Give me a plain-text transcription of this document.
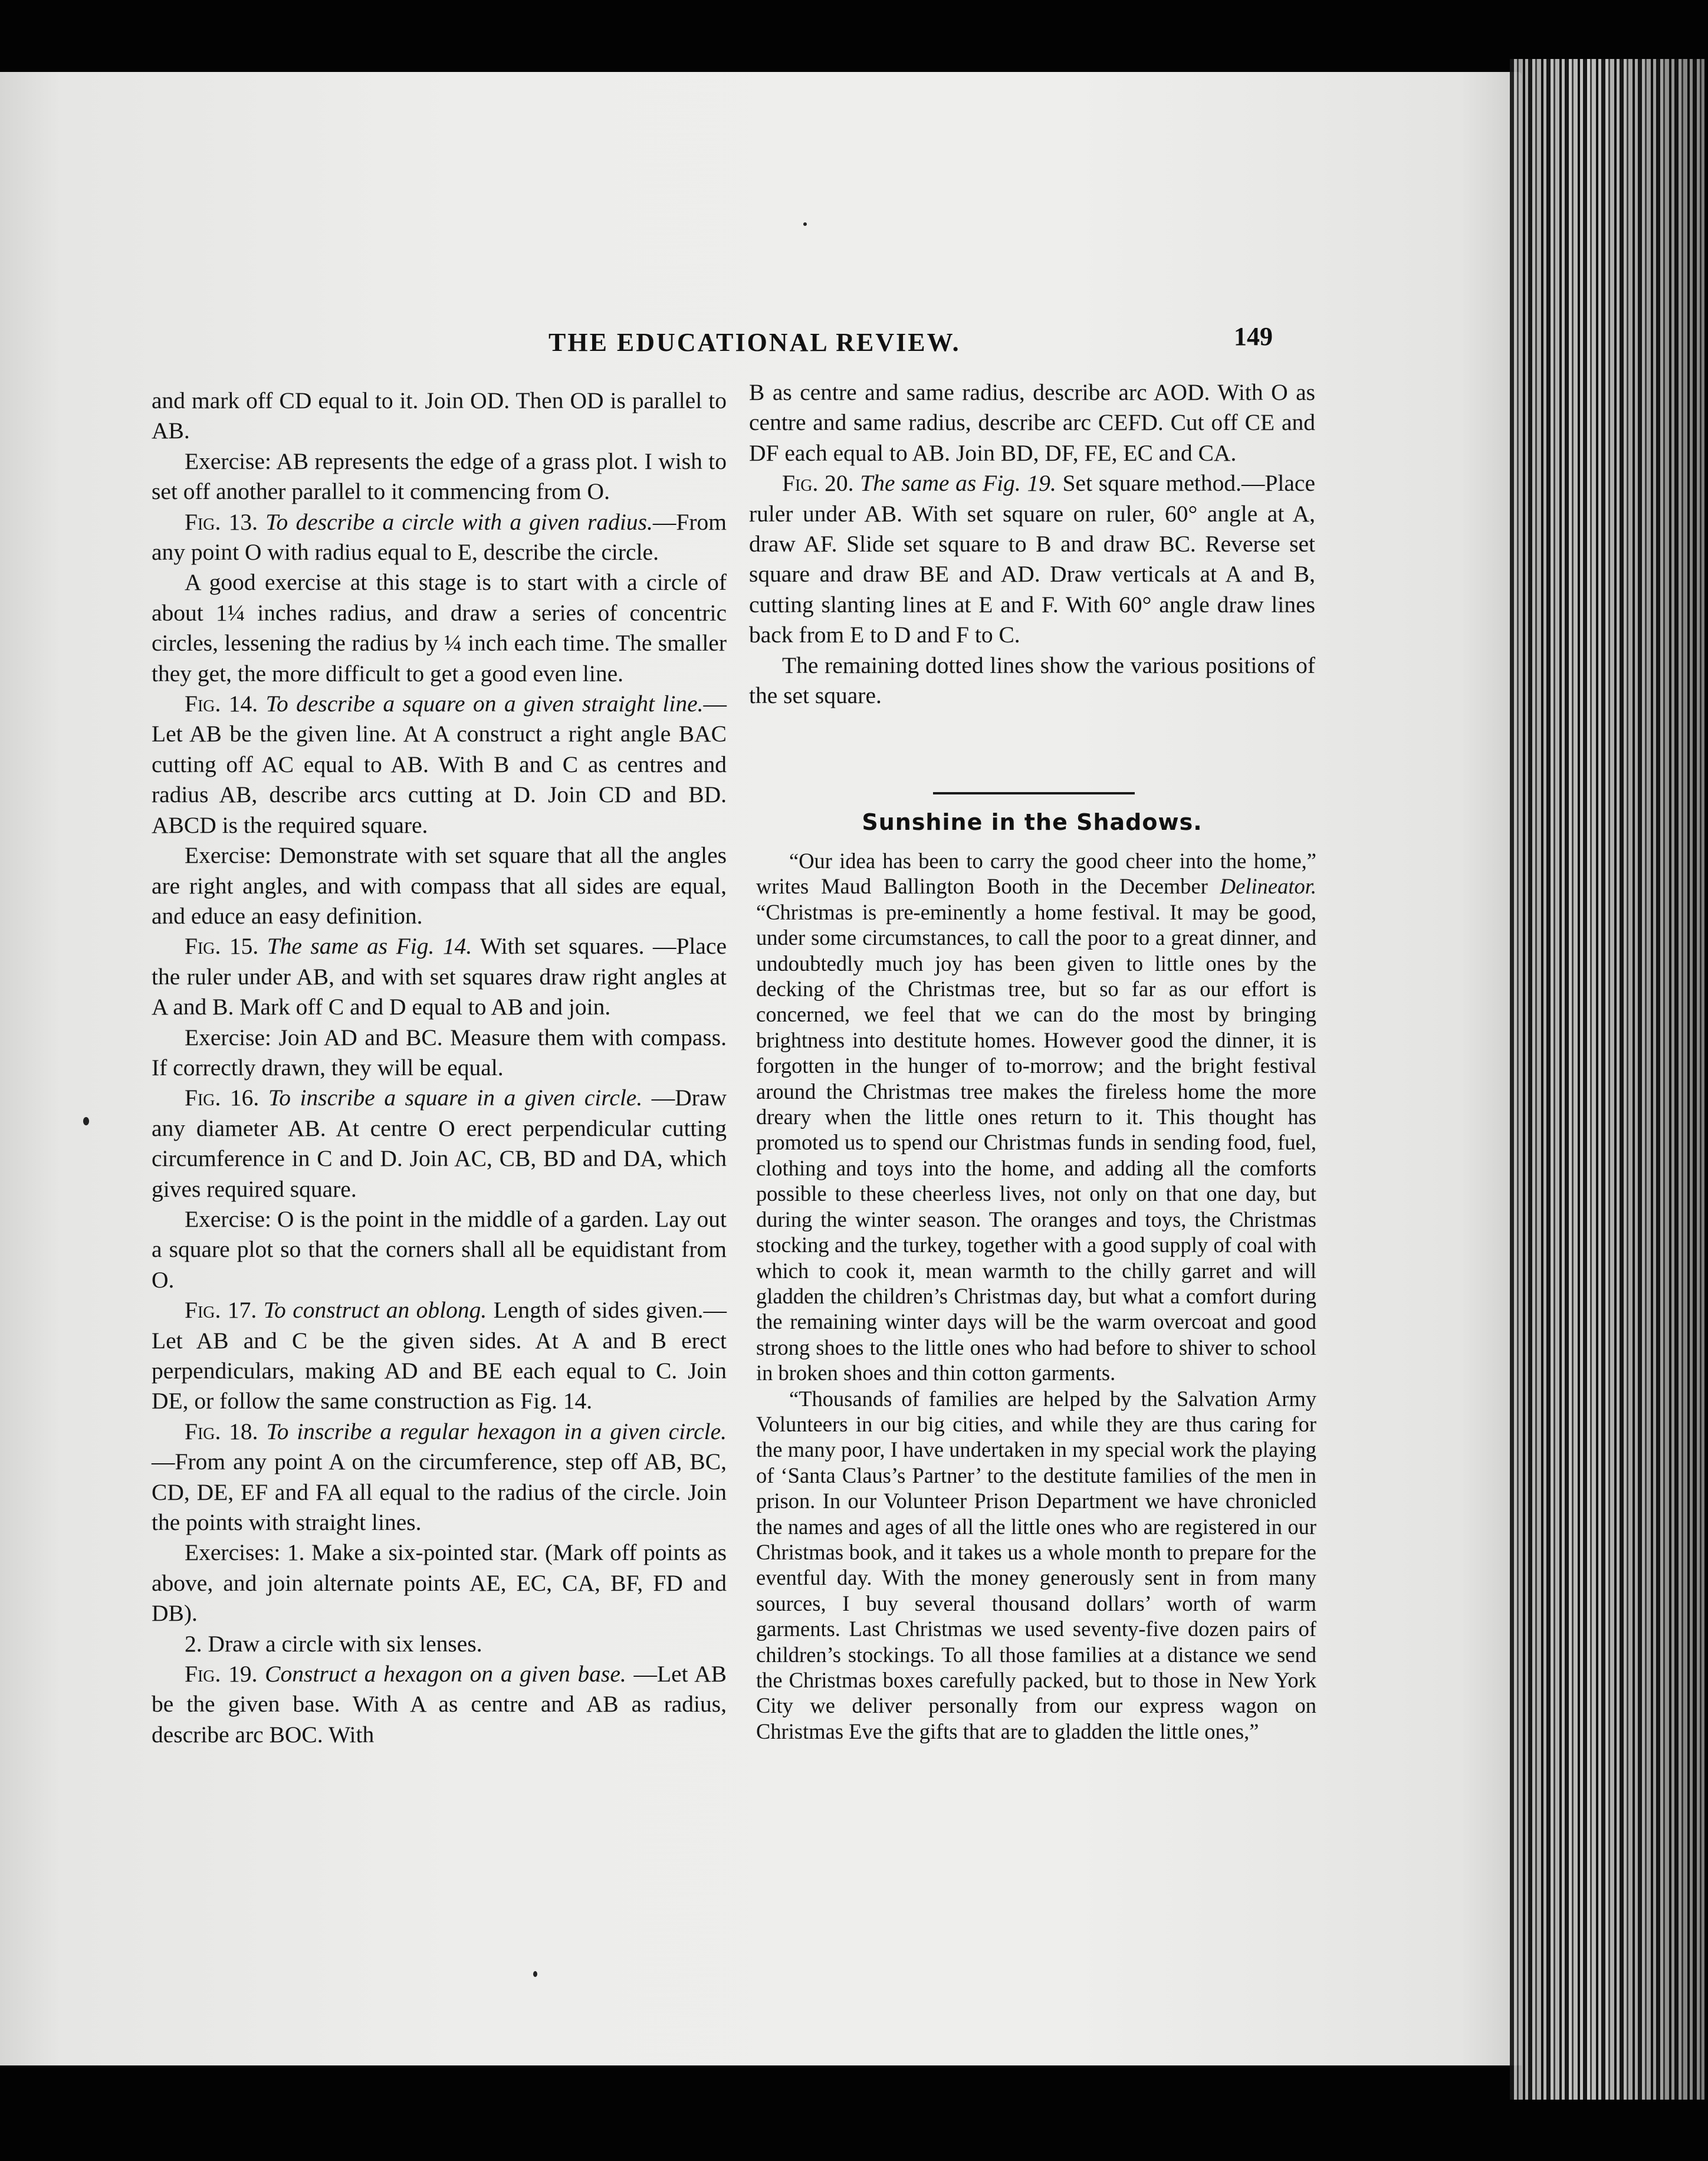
THE EDUCATIONAL REVIEW.	149

and mark off CD equal to it. Join OD. Then OD is parallel to AB.

Exercise: AB represents the edge of a grass plot. I wish to set off another parallel to it commencing from O.

Fig. 13. To describe a circle with a given radius.—From any point O with radius equal to E, describe the circle.

A good exercise at this stage is to start with a circle of about 1¼ inches radius, and draw a series of concentric circles, lessening the radius by ¼ inch each time. The smaller they get, the more difficult to get a good even line.

Fig. 14. To describe a square on a given straight line.—Let AB be the given line. At A construct a right angle BAC cutting off AC equal to AB. With B and C as centres and radius AB, describe arcs cutting at D. Join CD and BD. ABCD is the required square.

Exercise: Demonstrate with set square that all the angles are right angles, and with compass that all sides are equal, and educe an easy definition.

Fig. 15. The same as Fig. 14. With set squares. —Place the ruler under AB, and with set squares draw right angles at A and B. Mark off C and D equal to AB and join.

Exercise: Join AD and BC. Measure them with compass. If correctly drawn, they will be equal.

Fig. 16. To inscribe a square in a given circle. —Draw any diameter AB. At centre O erect perpendicular cutting circumference in C and D. Join AC, CB, BD and DA, which gives required square.

Exercise: O is the point in the middle of a garden. Lay out a square plot so that the corners shall all be equidistant from O.

Fig. 17. To construct an oblong. Length of sides given.—Let AB and C be the given sides. At A and B erect perpendiculars, making AD and BE each equal to C. Join DE, or follow the same construction as Fig. 14.

Fig. 18. To inscribe a regular hexagon in a given circle.—From any point A on the circumference, step off AB, BC, CD, DE, EF and FA all equal to the radius of the circle. Join the points with straight lines.

Exercises: 1. Make a six-pointed star. (Mark off points as above, and join alternate points AE, EC, CA, BF, FD and DB).

2. Draw a circle with six lenses.

Fig. 19. Construct a hexagon on a given base. —Let AB be the given base. With A as centre and AB as radius, describe arc BOC. With

B as centre and same radius, describe arc AOD. With O as centre and same radius, describe arc CEFD. Cut off CE and DF each equal to AB. Join BD, DF, FE, EC and CA.

Fig. 20. The same as Fig. 19. Set square method.—Place ruler under AB. With set square on ruler, 60° angle at A, draw AF. Slide set square to B and draw BC. Reverse set square and draw BE and AD. Draw verticals at A and B, cutting slanting lines at E and F. With 60° angle draw lines back from E to D and F to C.

The remaining dotted lines show the various positions of the set square.

Sunshine in the Shadows.

“Our idea has been to carry the good cheer into the home,” writes Maud Ballington Booth in the December Delineator. “Christmas is pre-eminently a home festival. It may be good, under some circumstances, to call the poor to a great dinner, and undoubtedly much joy has been given to little ones by the decking of the Christmas tree, but so far as our effort is concerned, we feel that we can do the most by bringing brightness into destitute homes. However good the dinner, it is forgotten in the hunger of to-morrow; and the bright festival around the Christmas tree makes the fireless home the more dreary when the little ones return to it. This thought has promoted us to spend our Christmas funds in sending food, fuel, clothing and toys into the home, and adding all the comforts possible to these cheerless lives, not only on that one day, but during the winter season. The oranges and toys, the Christmas stocking and the turkey, together with a good supply of coal with which to cook it, mean warmth to the chilly garret and will gladden the children’s Christmas day, but what a comfort during the remaining winter days will be the warm overcoat and good strong shoes to the little ones who had before to shiver to school in broken shoes and thin cotton garments.

“Thousands of families are helped by the Salvation Army Volunteers in our big cities, and while they are thus caring for the many poor, I have undertaken in my special work the playing of ‘Santa Claus’s Partner’ to the destitute families of the men in prison. In our Volunteer Prison Department we have chronicled the names and ages of all the little ones who are registered in our Christmas book, and it takes us a whole month to prepare for the eventful day. With the money generously sent in from many sources, I buy several thousand dollars’ worth of warm garments. Last Christmas we used seventy-five dozen pairs of children’s stockings. To all those families at a distance we send the Christmas boxes carefully packed, but to those in New York City we deliver personally from our express wagon on Christmas Eve the gifts that are to gladden the little ones,”
